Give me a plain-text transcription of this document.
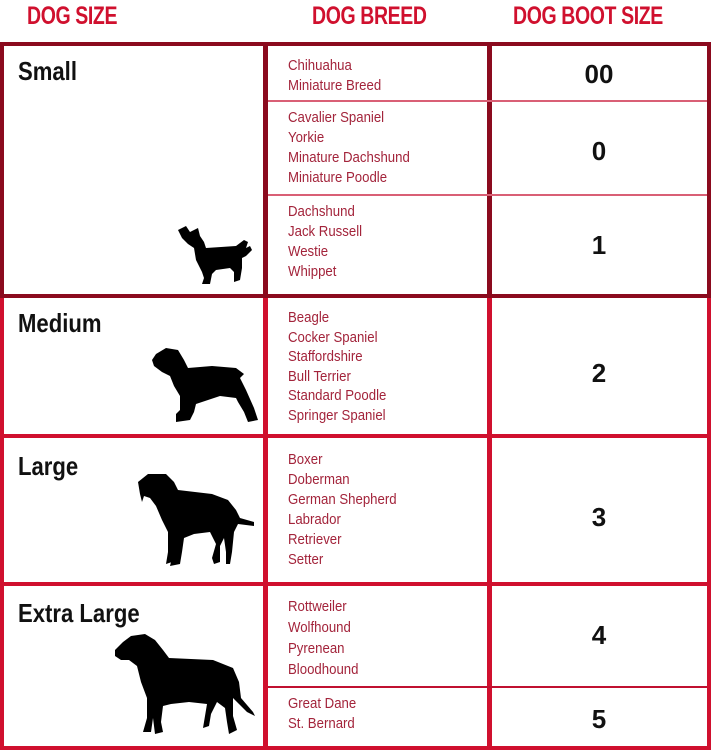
DOG SIZE	DOG BREED	DOG BOOT SIZE
Small
Medium
Large
Extra Large
Chihuahua
Miniature Breed
Cavalier Spaniel
Yorkie
Minature Dachshund
Miniature Poodle
Dachshund
Jack Russell
Westie
Whippet
Beagle
Cocker Spaniel
Staffordshire
Bull Terrier
Standard Poodle
Springer Spaniel
Boxer
Doberman
German Shepherd
Labrador
Retriever
Setter
Rottweiler
Wolfhound
Pyrenean
Bloodhound
Great Dane
St. Bernard
00
0
1
2
3
4
5
